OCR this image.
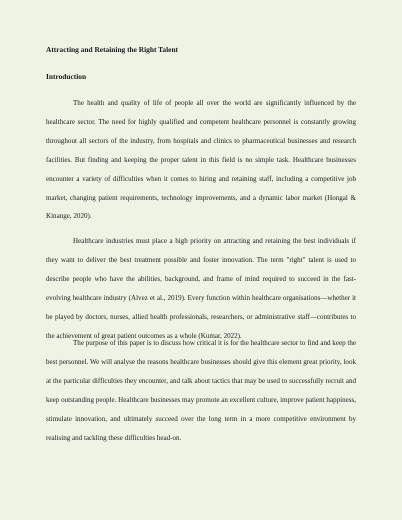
Attracting and Retaining the Right Talent
Introduction

The health and quality of life of people all over the world are significantly influenced by the healthcare sector. The need for highly qualified and competent healthcare personnel is constantly growing throughout all sectors of the industry, from hospitals and clinics to pharmaceutical businesses and research facilities. But finding and keeping the proper talent in this field is no simple task. Healthcare businesses encounter a variety of difficulties when it comes to hiring and retaining staff, including a competitive job market, changing patient requirements, technology improvements, and a dynamic labor market (Hongal & Kinange, 2020).

Healthcare industries must place a high priority on attracting and retaining the best individuals if they want to deliver the best treatment possible and foster innovation. The term "right" talent is used to describe people who have the abilities, background, and frame of mind required to succeed in the fast-evolving healthcare industry (Alvez et al., 2019). Every function within healthcare organisations—whether it be played by doctors, nurses, allied health professionals, researchers, or administrative staff—contributes to the achievement of great patient outcomes as a whole (Kumar, 2022).

The purpose of this paper is to discuss how critical it is for the healthcare sector to find and keep the best personnel. We will analyse the reasons healthcare businesses should give this element great priority, look at the particular difficulties they encounter, and talk about tactics that may be used to successfully recruit and keep outstanding people. Healthcare businesses may promote an excellent culture, improve patient happiness, stimulate innovation, and ultimately succeed over the long term in a more competitive environment by realising and tackling these difficulties head-on.
